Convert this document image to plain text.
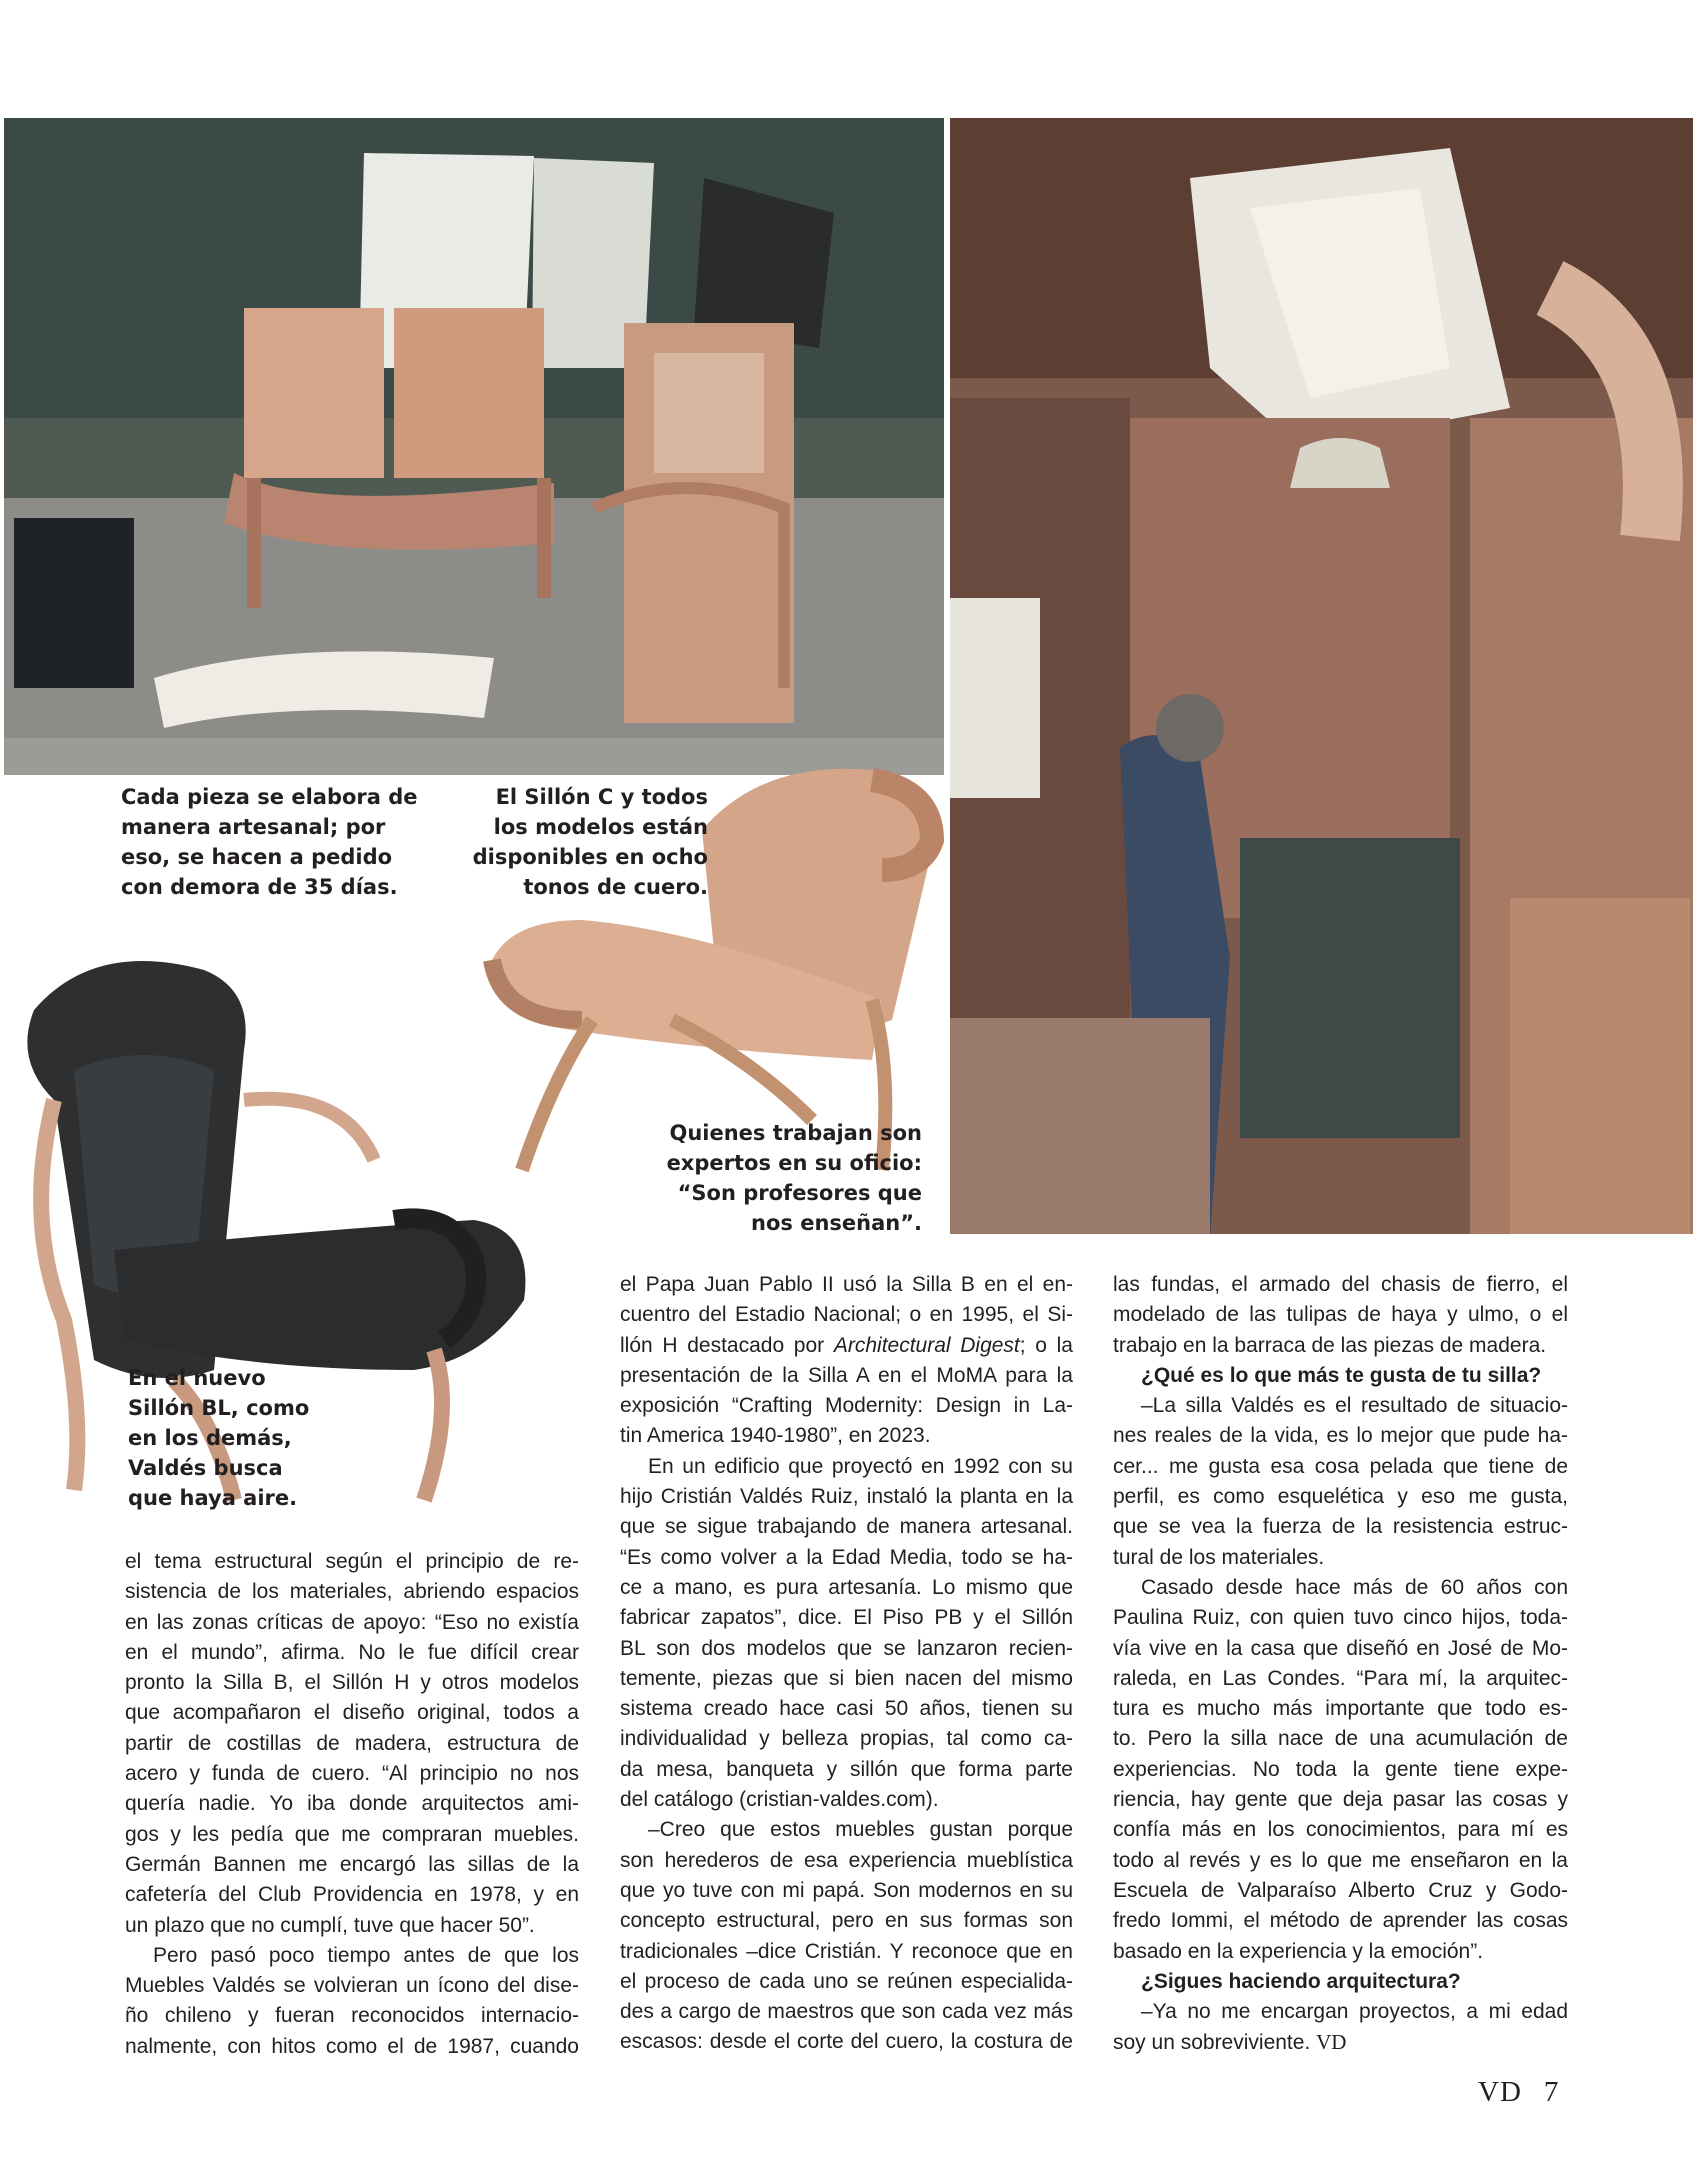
Cada pieza se elabora de
manera artesanal; por
eso, se hacen a pedido
con demora de 35 días.

El Sillón C y todos
los modelos están
disponibles en ocho
tonos de cuero.

Quienes trabajan son
expertos en su oficio:
“Son profesores que
nos enseñan”.

En el nuevo
Sillón BL, como
en los demás,
Valdés busca
que haya aire.

el tema estructural según el principio de re-
sistencia de los materiales, abriendo espacios
en las zonas críticas de apoyo: “Eso no existía
en el mundo”, afirma. No le fue difícil crear
pronto la Silla B, el Sillón H y otros modelos
que acompañaron el diseño original, todos a
partir de costillas de madera, estructura de
acero y funda de cuero. “Al principio no nos
quería nadie. Yo iba donde arquitectos ami-
gos y les pedía que me compraran muebles.
Germán Bannen me encargó las sillas de la
cafetería del Club Providencia en 1978, y en
un plazo que no cumplí, tuve que hacer 50”.
Pero pasó poco tiempo antes de que los
Muebles Valdés se volvieran un ícono del dise-
ño chileno y fueran reconocidos internacio-
nalmente, con hitos como el de 1987, cuando
el Papa Juan Pablo II usó la Silla B en el en-
cuentro del Estadio Nacional; o en 1995, el Si-
llón H destacado por Architectural Digest; o la
presentación de la Silla A en el MoMA para la
exposición “Crafting Modernity: Design in La-
tin America 1940-1980”, en 2023.
En un edificio que proyectó en 1992 con su
hijo Cristián Valdés Ruiz, instaló la planta en la
que se sigue trabajando de manera artesanal.
“Es como volver a la Edad Media, todo se ha-
ce a mano, es pura artesanía. Lo mismo que
fabricar zapatos”, dice. El Piso PB y el Sillón
BL son dos modelos que se lanzaron recien-
temente, piezas que si bien nacen del mismo
sistema creado hace casi 50 años, tienen su
individualidad y belleza propias, tal como ca-
da mesa, banqueta y sillón que forma parte
del catálogo (cristian-valdes.com).
–Creo que estos muebles gustan porque
son herederos de esa experiencia mueblística
que yo tuve con mi papá. Son modernos en su
concepto estructural, pero en sus formas son
tradicionales –dice Cristián. Y reconoce que en
el proceso de cada uno se reúnen especialida-
des a cargo de maestros que son cada vez más
escasos: desde el corte del cuero, la costura de
las fundas, el armado del chasis de fierro, el
modelado de las tulipas de haya y ulmo, o el
trabajo en la barraca de las piezas de madera.
¿Qué es lo que más te gusta de tu silla?
–La silla Valdés es el resultado de situacio-
nes reales de la vida, es lo mejor que pude ha-
cer... me gusta esa cosa pelada que tiene de
perfil, es como esquelética y eso me gusta,
que se vea la fuerza de la resistencia estruc-
tural de los materiales.
Casado desde hace más de 60 años con
Paulina Ruiz, con quien tuvo cinco hijos, toda-
vía vive en la casa que diseñó en José de Mo-
raleda, en Las Condes. “Para mí, la arquitec-
tura es mucho más importante que todo es-
to. Pero la silla nace de una acumulación de
experiencias. No toda la gente tiene expe-
riencia, hay gente que deja pasar las cosas y
confía más en los conocimientos, para mí es
todo al revés y es lo que me enseñaron en la
Escuela de Valparaíso Alberto Cruz y Godo-
fredo Iommi, el método de aprender las cosas
basado en la experiencia y la emoción”.
¿Sigues haciendo arquitectura?
–Ya no me encargan proyectos, a mi edad
soy un sobreviviente. VD
VD 7
